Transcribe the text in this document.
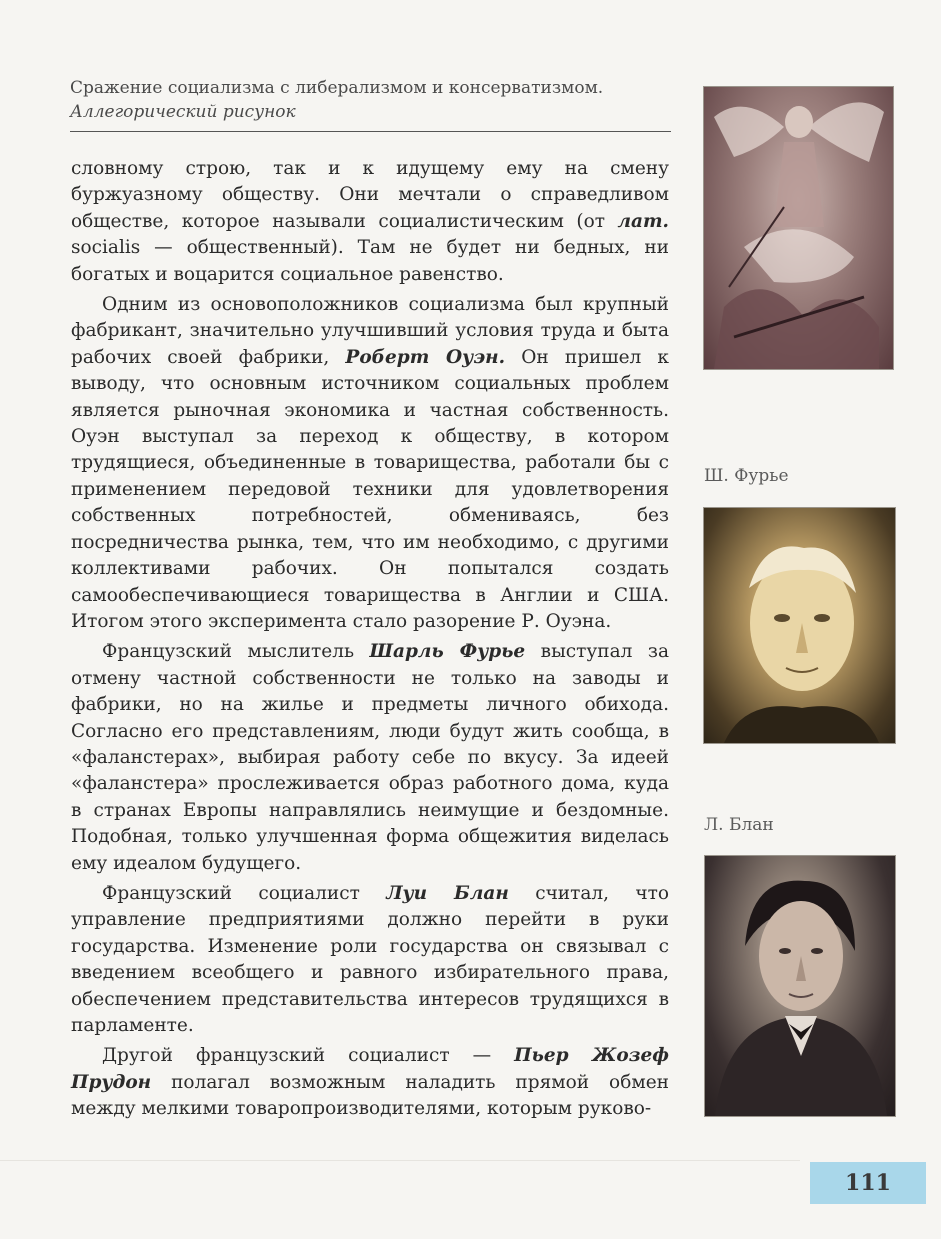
Сражение социализма с либерализмом и консерватизмом.
Аллегорический рисунок

словному строю, так и к идущему ему на смену буржуазному обществу. Они мечтали о справедливом обществе, которое называли социалистическим (от лат. socialis — общественный). Там не будет ни бедных, ни богатых и воцарится социальное равенство.

Одним из основоположников социализма был крупный фабрикант, значительно улучшивший условия труда и быта рабочих своей фабрики, Роберт Оуэн. Он пришел к выводу, что основным источником социальных проблем является рыночная экономика и частная собственность. Оуэн выступал за переход к обществу, в котором трудящиеся, объединенные в товарищества, работали бы с применением передовой техники для удовлетворения собственных потребностей, обмениваясь, без посредничества рынка, тем, что им необходимо, с другими коллективами рабочих. Он попытался создать самообеспечивающиеся товарищества в Англии и США. Итогом этого эксперимента стало разорение Р. Оуэна.

Французский мыслитель Шарль Фурье выступал за отмену частной собственности не только на заводы и фабрики, но на жилье и предметы личного обихода. Согласно его представлениям, люди будут жить сообща, в «фаланстерах», выбирая работу себе по вкусу. За идеей «фаланстера» прослеживается образ работного дома, куда в странах Европы направлялись неимущие и бездомные. Подобная, только улучшенная форма общежития виделась ему идеалом будущего.

Французский социалист Луи Блан считал, что управление предприятиями должно перейти в руки государства. Изменение роли государства он связывал с введением всеобщего и равного избирательного права, обеспечением представительства интересов трудящихся в парламенте.

Другой французский социалист — Пьер Жозеф Прудон полагал возможным наладить прямой обмен между мелкими товаропроизводителями, которым руково-

Ш. Фурье
Л. Блан
111
